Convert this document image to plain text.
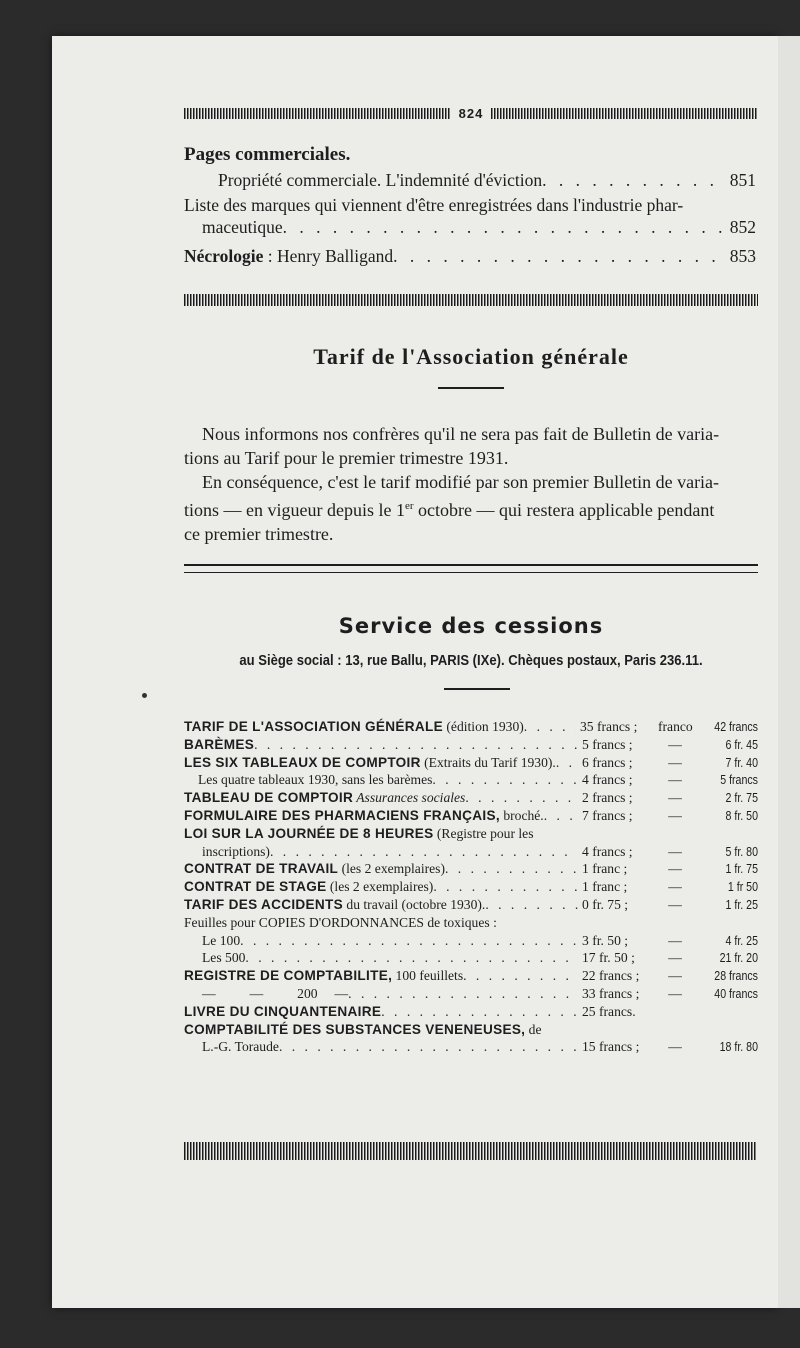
824
Pages commerciales.
Propriété commerciale. L'indemnité d'éviction . . .	851
Liste des marques qui viennent d'être enregistrées dans l'industrie phar-
maceutique . . .	852
Nécrologie : Henry Balligand . . .	853
Tarif de l'Association générale
Nous informons nos confrères qu'il ne sera pas fait de Bulletin de varia-
tions au Tarif pour le premier trimestre 1931.
En conséquence, c'est le tarif modifié par son premier Bulletin de varia-
tions — en vigueur depuis le 1er octobre — qui restera applicable pendant
ce premier trimestre.
Service des cessions
au Siège social : 13, rue Ballu, PARIS (IXe). Chèques postaux, Paris 236.11.
TARIF DE L'ASSOCIATION GÉNÉRALE (édition 1930) . . .	35 francs ;	franco	42 francs
BARÈMES . . .	5 francs ;	—	6 fr. 45
LES SIX TABLEAUX DE COMPTOIR (Extraits du Tarif 1930). . . . 6 francs ;	—	7 fr. 40
Les quatre tableaux 1930, sans les barèmes . . .	4 francs ;	—	5 francs
TABLEAU DE COMPTOIR Assurances sociales . . .	2 francs ;	—	2 fr. 75
FORMULAIRE DES PHARMACIENS FRANÇAIS, broché. . . .	7 francs ;	—	8 fr. 50
LOI SUR LA JOURNÉE DE 8 HEURES (Registre pour les
inscriptions) . . .	4 francs ;	—	5 fr. 80
CONTRAT DE TRAVAIL (les 2 exemplaires) . . .	1 franc ;	—	1 fr. 75
CONTRAT DE STAGE (les 2 exemplaires) . . .	1 franc ;	—	1 fr 50
TARIF DES ACCIDENTS du travail (octobre 1930). . . .	0 fr. 75 ;	—	1 fr. 25
Feuilles pour COPIES D'ORDONNANCES de toxiques :
Le 100 . . .	3 fr. 50 ;	—	4 fr. 25
Les 500 . . .	17 fr. 50 ;	—	21 fr. 20
REGISTRE DE COMPTABILITE, 100 feuillets . . .	22 francs ;	—	28 francs
—          —          200     — . . .	33 francs ;	—	40 francs
LIVRE DU CINQUANTENAIRE . . .	25 francs.
COMPTABILITÉ DES SUBSTANCES VENENEUSES, de
L.-G. Toraude . . .	15 francs ;	—	18 fr. 80
